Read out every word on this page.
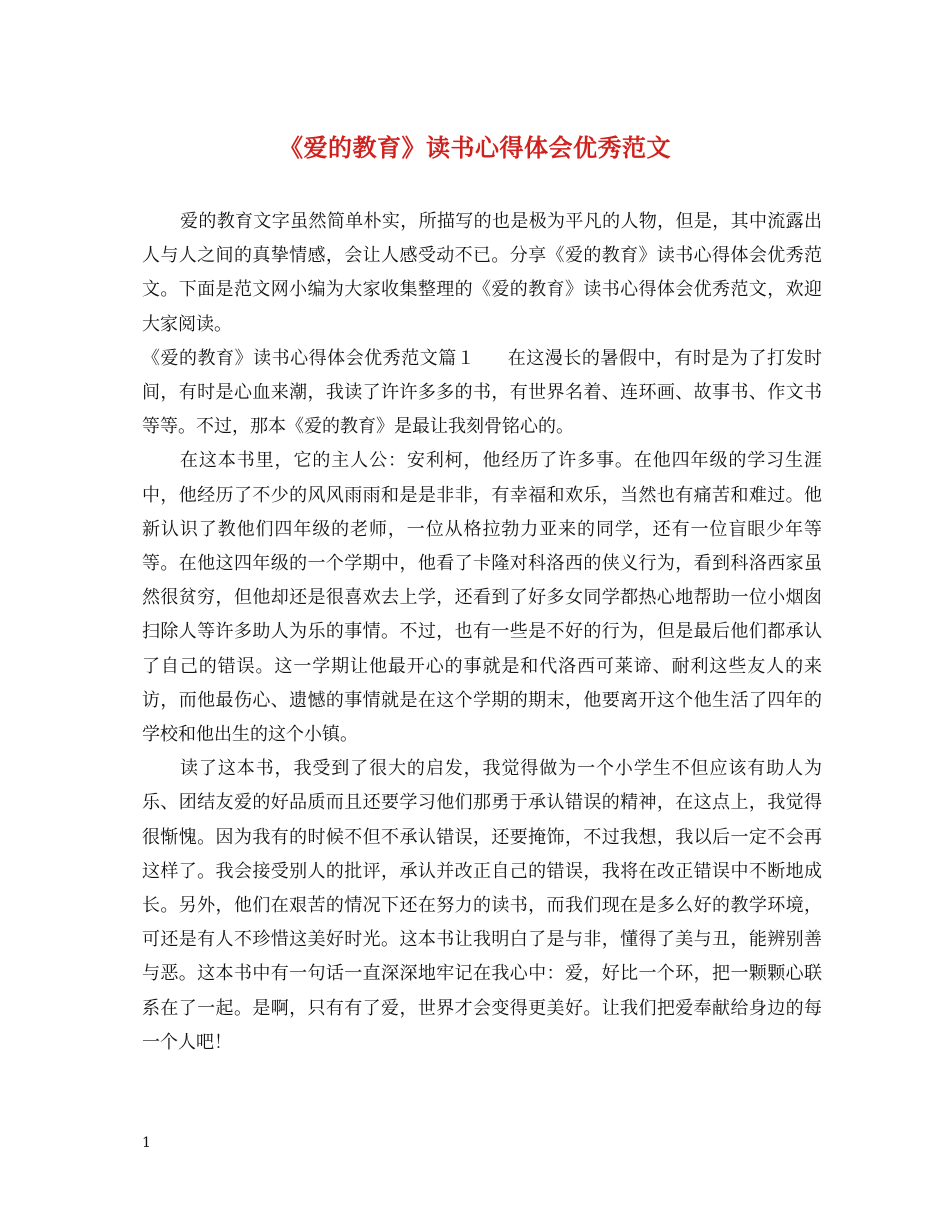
《爱的教育》读书心得体会优秀范文

爱的教育文字虽然简单朴实，所描写的也是极为平凡的人物，但是，其中流露出人与人之间的真挚情感，会让人感受动不已。分享《爱的教育》读书心得体会优秀范文。下面是范文网小编为大家收集整理的《爱的教育》读书心得体会优秀范文，欢迎大家阅读。

《爱的教育》读书心得体会优秀范文篇１ 在这漫长的暑假中，有时是为了打发时间，有时是心血来潮，我读了许许多多的书，有世界名着、连环画、故事书、作文书等等。不过，那本《爱的教育》是最让我刻骨铭心的。

在这本书里，它的主人公：安利柯，他经历了许多事。在他四年级的学习生涯中，他经历了不少的风风雨雨和是是非非，有幸福和欢乐，当然也有痛苦和难过。他新认识了教他们四年级的老师，一位从格拉勃力亚来的同学，还有一位盲眼少年等等。在他这四年级的一个学期中，他看了卡隆对科洛西的侠义行为，看到科洛西家虽然很贫穷，但他却还是很喜欢去上学，还看到了好多女同学都热心地帮助一位小烟囱扫除人等许多助人为乐的事情。不过，也有一些是不好的行为，但是最后他们都承认了自己的错误。这一学期让他最开心的事就是和代洛西可莱谛、耐利这些友人的来访，而他最伤心、遗憾的事情就是在这个学期的期末，他要离开这个他生活了四年的学校和他出生的这个小镇。

读了这本书，我受到了很大的启发，我觉得做为一个小学生不但应该有助人为乐、团结友爱的好品质而且还要学习他们那勇于承认错误的精神，在这点上，我觉得很惭愧。因为我有的时候不但不承认错误，还要掩饰，不过我想，我以后一定不会再这样了。我会接受别人的批评，承认并改正自己的错误，我将在改正错误中不断地成长。另外，他们在艰苦的情况下还在努力的读书，而我们现在是多么好的教学环境，可还是有人不珍惜这美好时光。这本书让我明白了是与非，懂得了美与丑，能辨别善与恶。这本书中有一句话一直深深地牢记在我心中：爱，好比一个环，把一颗颗心联系在了一起。是啊，只有有了爱，世界才会变得更美好。让我们把爱奉献给身边的每一个人吧！

1
